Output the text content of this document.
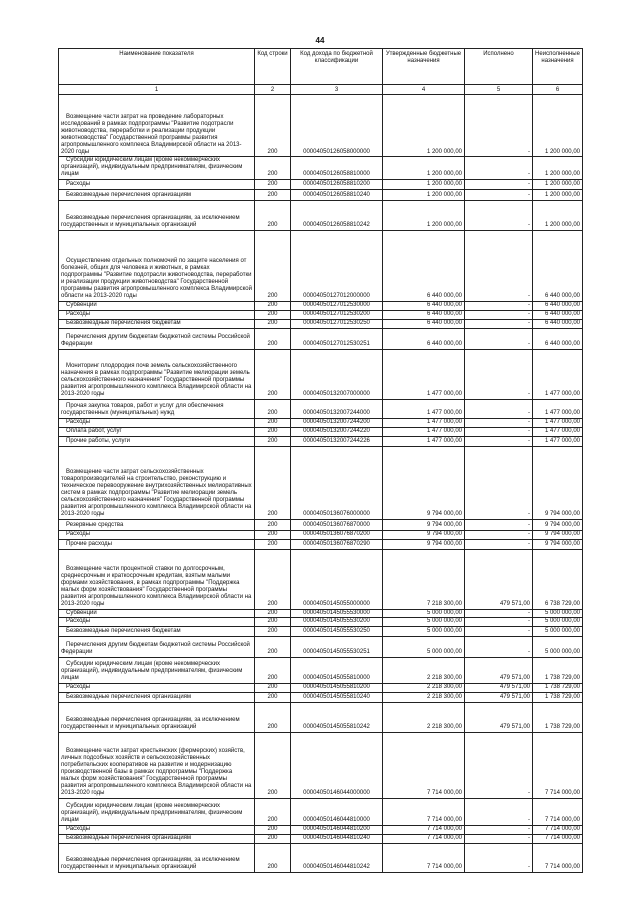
44
Наименование показателя	Код строки	Код дохода по бюджетной классификации	Утвержденные бюджетные назначения	Исполнено	Неисполненные назначения
1	2	3	4	5	6
Возмещение части затрат на проведение лабораторных исследований в рамках подпрограммы "Развитие подотрасли животноводства, переработки и реализации продукции животноводства" Государственной программы развития агропромышленного комплекса Владимирской области на 2013-2020 годы	200	00004050126058000000	1 200 000,00	-	1 200 000,00
Субсидии юридическим лицам (кроме некоммерческих организаций), индивидуальным предпринимателям, физическим лицам	200	00004050126058810000	1 200 000,00	-	1 200 000,00
Расходы	200	00004050126058810200	1 200 000,00	-	1 200 000,00
Безвозмездные перечисления организациям	200	00004050126058810240	1 200 000,00	-	1 200 000,00
Безвозмездные перечисления организациям, за исключением государственных и муниципальных организаций	200	00004050126058810242	1 200 000,00	-	1 200 000,00
Осуществление отдельных полномочий по защите населения от болезней, общих для человека и животных, в рамках подпрограммы "Развитие подотрасли животноводства, переработки и реализации продукции животноводства" Государственной программы развития агропромышленного комплекса Владимирской области на 2013-2020 годы	200	00004050127012000000	6 440 000,00	-	6 440 000,00
Субвенции	200	00004050127012530000	6 440 000,00	-	6 440 000,00
Расходы	200	00004050127012530200	6 440 000,00	-	6 440 000,00
Безвозмездные перечисления бюджетам	200	00004050127012530250	6 440 000,00	-	6 440 000,00
Перечисления другим бюджетам бюджетной системы Российской Федерации	200	00004050127012530251	6 440 000,00	-	6 440 000,00
Мониторинг плодородия почв земель сельскохозяйственного назначения в рамках подпрограммы "Развитие мелиорации земель сельскохозяйственного назначения" Государственной программы развития агропромышленного комплекса Владимирской области на 2013-2020 годы	200	00004050132007000000	1 477 000,00	-	1 477 000,00
Прочая закупка товаров, работ и услуг для обеспечения государственных (муниципальных) нужд	200	00004050132007244000	1 477 000,00	-	1 477 000,00
Расходы	200	00004050132007244200	1 477 000,00	-	1 477 000,00
Оплата работ, услуг	200	00004050132007244220	1 477 000,00	-	1 477 000,00
Прочие работы, услуги	200	00004050132007244226	1 477 000,00	-	1 477 000,00
Возмещение части затрат сельскохозяйственных товаропроизводителей на строительство, реконструкцию и техническое перевооружение внутрихозяйственных мелиоративных систем в рамках подпрограммы "Развитие мелиорации земель сельскохозяйственного назначения" Государственной программы развития агропромышленного комплекса Владимирской области на 2013-2020 годы	200	00004050136076000000	9 794 000,00	-	9 794 000,00
Резервные средства	200	00004050136076870000	9 794 000,00	-	9 794 000,00
Расходы	200	00004050136076870200	9 794 000,00	-	9 794 000,00
Прочие расходы	200	00004050136076870290	9 794 000,00	-	9 794 000,00
Возмещение части процентной ставки по долгосрочным, среднесрочным и краткосрочным кредитам, взятым малыми формами хозяйствования, в рамках подпрограммы "Поддержка малых форм хозяйствования" Государственной программы развития агропромышленного комплекса Владимирской области на 2013-2020 годы	200	00004050145055000000	7 218 300,00	479 571,00	6 738 729,00
Субвенции	200	00004050145055530000	5 000 000,00	-	5 000 000,00
Расходы	200	00004050145055530200	5 000 000,00	-	5 000 000,00
Безвозмездные перечисления бюджетам	200	00004050145055530250	5 000 000,00	-	5 000 000,00
Перечисления другим бюджетам бюджетной системы Российской Федерации	200	00004050145055530251	5 000 000,00	-	5 000 000,00
Субсидии юридическим лицам (кроме некоммерческих организаций), индивидуальным предпринимателям, физическим лицам	200	00004050145055810000	2 218 300,00	479 571,00	1 738 729,00
Расходы	200	00004050145055810200	2 218 300,00	479 571,00	1 738 729,00
Безвозмездные перечисления организациям	200	00004050145055810240	2 218 300,00	479 571,00	1 738 729,00
Безвозмездные перечисления организациям, за исключением государственных и муниципальных организаций	200	00004050145055810242	2 218 300,00	479 571,00	1 738 729,00
Возмещение части затрат крестьянских (фермерских) хозяйств, личных подсобных хозяйств и сельскохозяйственных потребительских кооперативов на развитие и модернизацию производственной базы в рамках подпрограммы "Поддержка малых форм хозяйствования" Государственной программы развития агропромышленного комплекса Владимирской области на 2013-2020 годы	200	00004050146044000000	7 714 000,00	-	7 714 000,00
Субсидии юридическим лицам (кроме некоммерческих организаций), индивидуальным предпринимателям, физическим лицам	200	00004050146044810000	7 714 000,00	-	7 714 000,00
Расходы	200	00004050146044810200	7 714 000,00	-	7 714 000,00
Безвозмездные перечисления организациям	200	00004050146044810240	7 714 000,00	-	7 714 000,00
Безвозмездные перечисления организациям, за исключением государственных и муниципальных организаций	200	00004050146044810242	7 714 000,00	-	7 714 000,00
